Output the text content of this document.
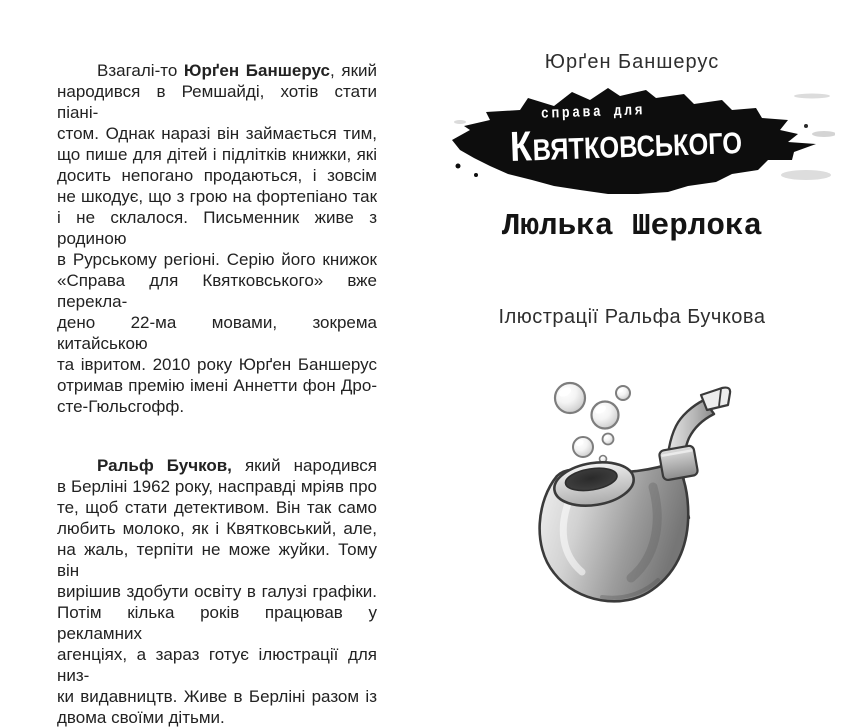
Взагалі-то Юрґен Баншерус, який
народився в Ремшайді, хотів стати піані-
стом. Однак наразі він займається тим,
що пише для дітей і підлітків книжки, які
досить непогано продаються, і зовсім
не шкодує, що з грою на фортепіано так
і не склалося. Письменник живе з родиною
в Рурському регіоні. Серію його книжок
«Справа для Квятковського» вже перекла-
дено 22-ма мовами, зокрема китайською
та івритом. 2010 року Юрґен Баншерус
отримав премію імені Аннетти фон Дро-
сте-Гюльсгофф.
Ральф Бучков, який народився
в Берліні 1962 року, насправді мріяв про
те, щоб стати детективом. Він так само
любить молоко, як і Квятковський, але,
на жаль, терпіти не може жуйки. Тому він
вирішив здобути освіту в галузі графіки.
Потім кілька років працював у рекламних
агенціях, а зараз готує ілюстрації для низ-
ки видавництв. Живе в Берліні разом із
двома своїми дітьми.
Юрґен Баншерус
справа для
КВЯТКОВСЬКОГО
Люлька Шерлока
Ілюстрації Ральфа Бучкова
